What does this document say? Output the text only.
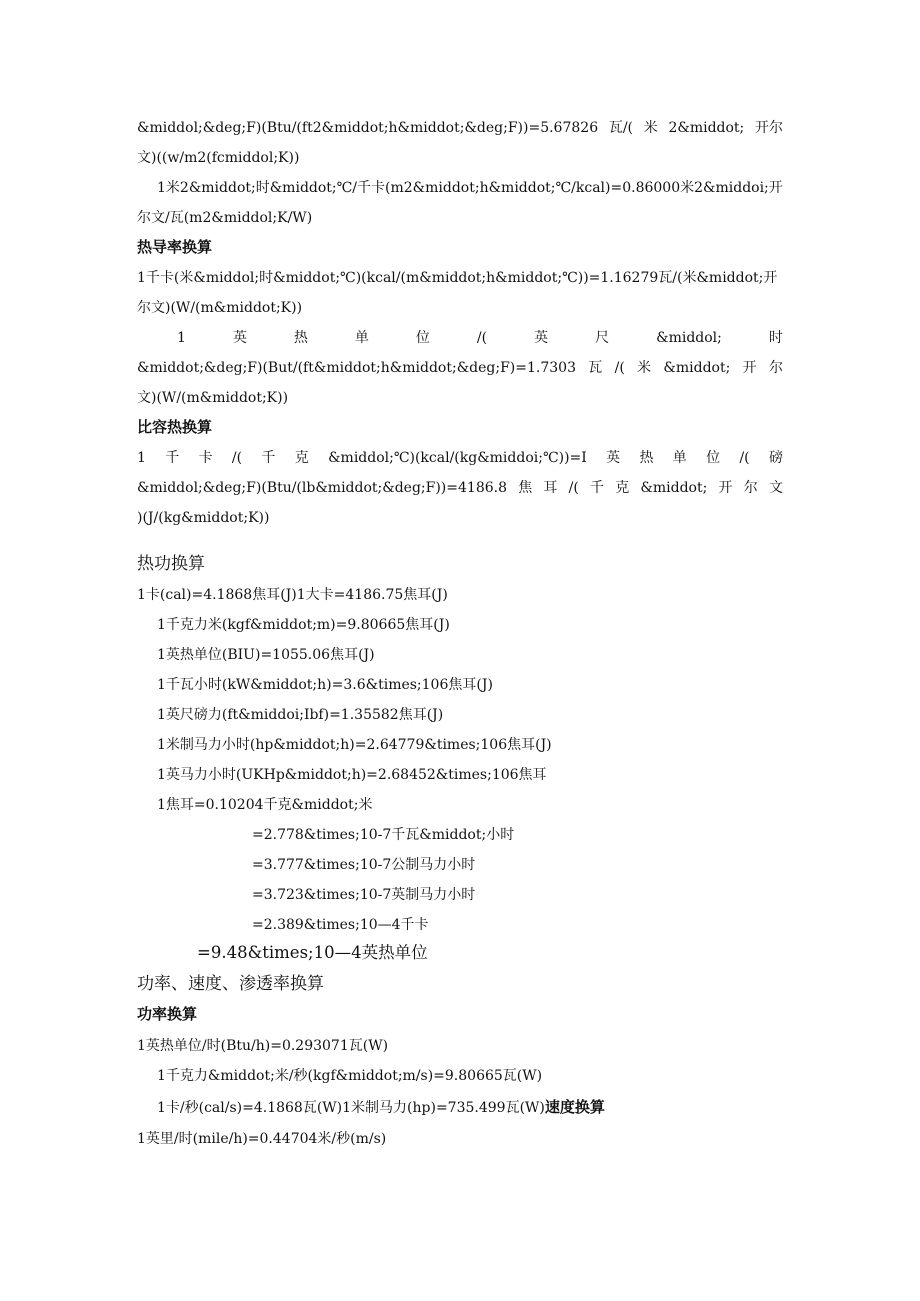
&middol;&deg;F)(Btu/(ft2&middot;h&middot;&deg;F))=5.67826 瓦/( 米 2&middot; 开尔
文)((w/m2(fcmiddol;K))
1米2&middot;时&middot;℃/千卡(m2&middot;h&middot;℃/kcal)=0.86000米2&middoi;开
尔文/瓦(m2&middol;K/W)
热导率换算
1千卡(米&middol;时&middot;℃)(kcal/(m&middot;h&middot;℃))=1.16279瓦/(米&middot;开
尔文)(W/(m&middot;K))
1	英	热	单	位	/(	英	尺	&middol;	时
&middot;&deg;F)(But/(ft&middot;h&middot;&deg;F)=1.7303 瓦 /( 米 &middot; 开 尔
文)(W/(m&middot;K))
比容热换算
1 千 卡 /( 千 克 &middol;℃)(kcal/(kg&middoi;℃))=I 英 热 单 位 /( 磅
&middol;&deg;F)(Btu/(lb&middot;&deg;F))=4186.8 焦 耳 /( 千 克 &middot; 开 尔 文
)(J/(kg&middot;K))
热功换算
1卡(cal)=4.1868焦耳(J)1大卡=4186.75焦耳(J)
1千克力米(kgf&middot;m)=9.80665焦耳(J)
1英热单位(BIU)=1055.06焦耳(J)
1千瓦小时(kW&middot;h)=3.6&times;106焦耳(J)
1英尺磅力(ft&middoi;Ibf)=1.35582焦耳(J)
1米制马力小时(hp&middot;h)=2.64779&times;106焦耳(J)
1英马力小时(UKHp&middot;h)=2.68452&times;106焦耳
1焦耳=0.10204千克&middot;米
=2.778&times;10-7千瓦&middot;小时
=3.777&times;10-7公制马力小时
=3.723&times;10-7英制马力小时
=2.389&times;10—4千卡
=9.48&times;10—4英热单位
功率、速度、渗透率换算
功率换算
1英热单位/时(Btu/h)=0.293071瓦(W)
1千克力&middot;米/秒(kgf&middot;m/s)=9.80665瓦(W)
1卡/秒(cal/s)=4.1868瓦(W)1米制马力(hp)=735.499瓦(W)速度换算
1英里/时(mile/h)=0.44704米/秒(m/s)
